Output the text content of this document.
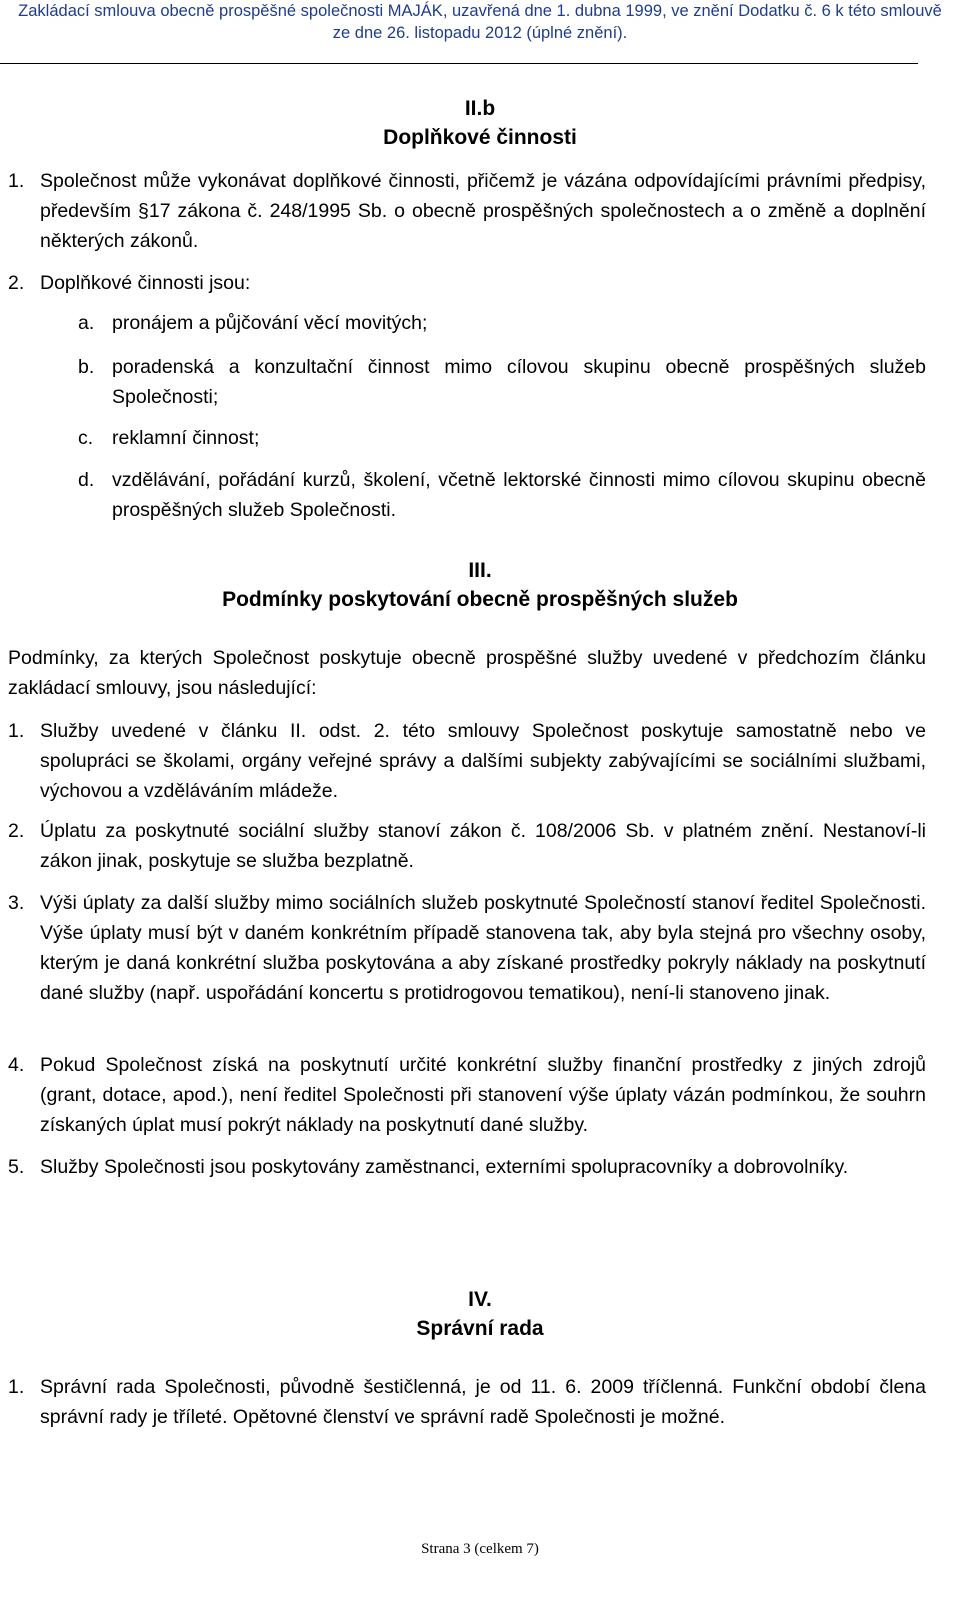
Zakládací smlouva obecně prospěšné společnosti MAJÁK, uzavřená dne 1. dubna 1999, ve znění Dodatku č. 6 k této smlouvě
ze dne 26. listopadu 2012 (úplné znění).
II.b
Doplňkové činnosti
1. Společnost může vykonávat doplňkové činnosti, přičemž je vázána odpovídajícími právními předpisy, především §17 zákona č. 248/1995 Sb. o obecně prospěšných společnostech a o změně a doplnění některých zákonů.
2. Doplňkové činnosti jsou:
a. pronájem a půjčování věcí movitých;
b. poradenská a konzultační činnost mimo cílovou skupinu obecně prospěšných služeb Společnosti;
c. reklamní činnost;
d. vzdělávání, pořádání kurzů, školení, včetně lektorské činnosti mimo cílovou skupinu obecně prospěšných služeb Společnosti.
III.
Podmínky poskytování obecně prospěšných služeb
Podmínky, za kterých Společnost poskytuje obecně prospěšné služby uvedené v předchozím článku zakládací smlouvy, jsou následující:
1. Služby uvedené v článku II. odst. 2. této smlouvy Společnost poskytuje samostatně nebo ve spolupráci se školami, orgány veřejné správy a dalšími subjekty zabývajícími se sociálními službami, výchovou a vzděláváním mládeže.
2. Úplatu za poskytnuté sociální služby stanoví zákon č. 108/2006 Sb. v platném znění. Nestanoví-li zákon jinak, poskytuje se služba bezplatně.
3. Výši úplaty za další služby mimo sociálních služeb poskytnuté Společností stanoví ředitel Společnosti. Výše úplaty musí být v daném konkrétním případě stanovena tak, aby byla stejná pro všechny osoby, kterým je daná konkrétní služba poskytována a aby získané prostředky pokryly náklady na poskytnutí dané služby (např. uspořádání koncertu s protidrogovou tematikou), není-li stanoveno jinak.
4. Pokud Společnost získá na poskytnutí určité konkrétní služby finanční prostředky z jiných zdrojů (grant, dotace, apod.), není ředitel Společnosti při stanovení výše úplaty vázán podmínkou, že souhrn získaných úplat musí pokrýt náklady na poskytnutí dané služby.
5. Služby Společnosti jsou poskytovány zaměstnanci, externími spolupracovníky a dobrovolníky.
IV.
Správní rada
1. Správní rada Společnosti, původně šestičlenná, je od 11. 6. 2009 tříčlenná. Funkční období člena správní rady je tříleté. Opětovné členství ve správní radě Společnosti je možné.
Strana 3 (celkem 7)
